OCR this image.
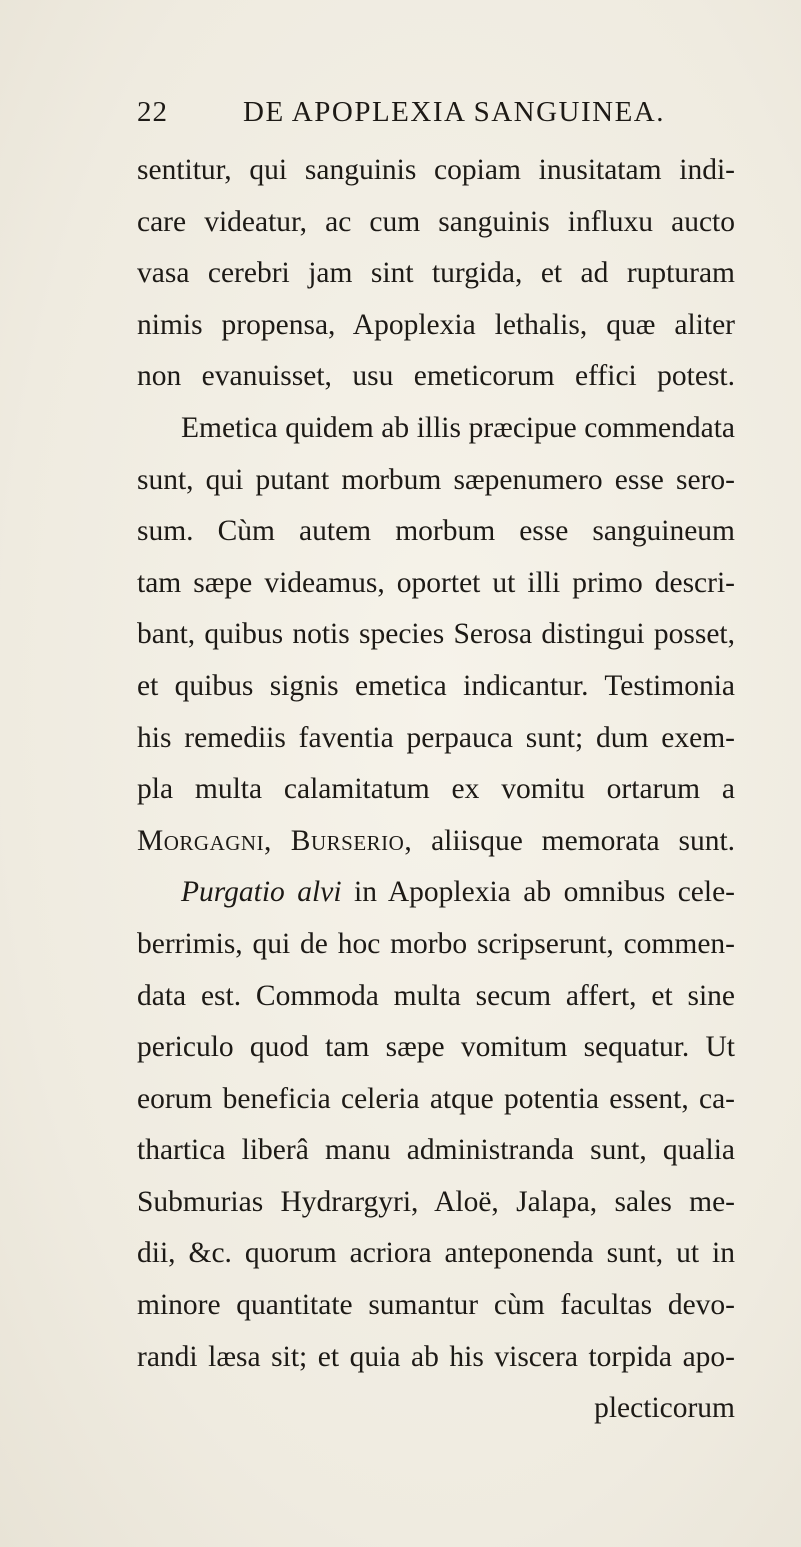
22	DE APOPLEXIA SANGUINEA.
sentitur, qui sanguinis copiam inusitatam indi-
care videatur, ac cum sanguinis influxu aucto
vasa cerebri jam sint turgida, et ad rupturam
nimis propensa, Apoplexia lethalis, quæ aliter
non evanuisset, usu emeticorum effici potest.
Emetica quidem ab illis præcipue commendata
sunt, qui putant morbum sæpenumero esse sero-
sum. Cùm autem morbum esse sanguineum
tam sæpe videamus, oportet ut illi primo descri-
bant, quibus notis species Serosa distingui posset,
et quibus signis emetica indicantur. Testimonia
his remediis faventia perpauca sunt; dum exem-
pla multa calamitatum ex vomitu ortarum a
Morgagni, Burserio, aliisque memorata sunt.
Purgatio alvi in Apoplexia ab omnibus cele-
berrimis, qui de hoc morbo scripserunt, commen-
data est. Commoda multa secum affert, et sine
periculo quod tam sæpe vomitum sequatur. Ut
eorum beneficia celeria atque potentia essent, ca-
thartica liberâ manu administranda sunt, qualia
Submurias Hydrargyri, Aloë, Jalapa, sales me-
dii, &c. quorum acriora anteponenda sunt, ut in
minore quantitate sumantur cùm facultas devo-
randi læsa sit; et quia ab his viscera torpida apo-
plecticorum
